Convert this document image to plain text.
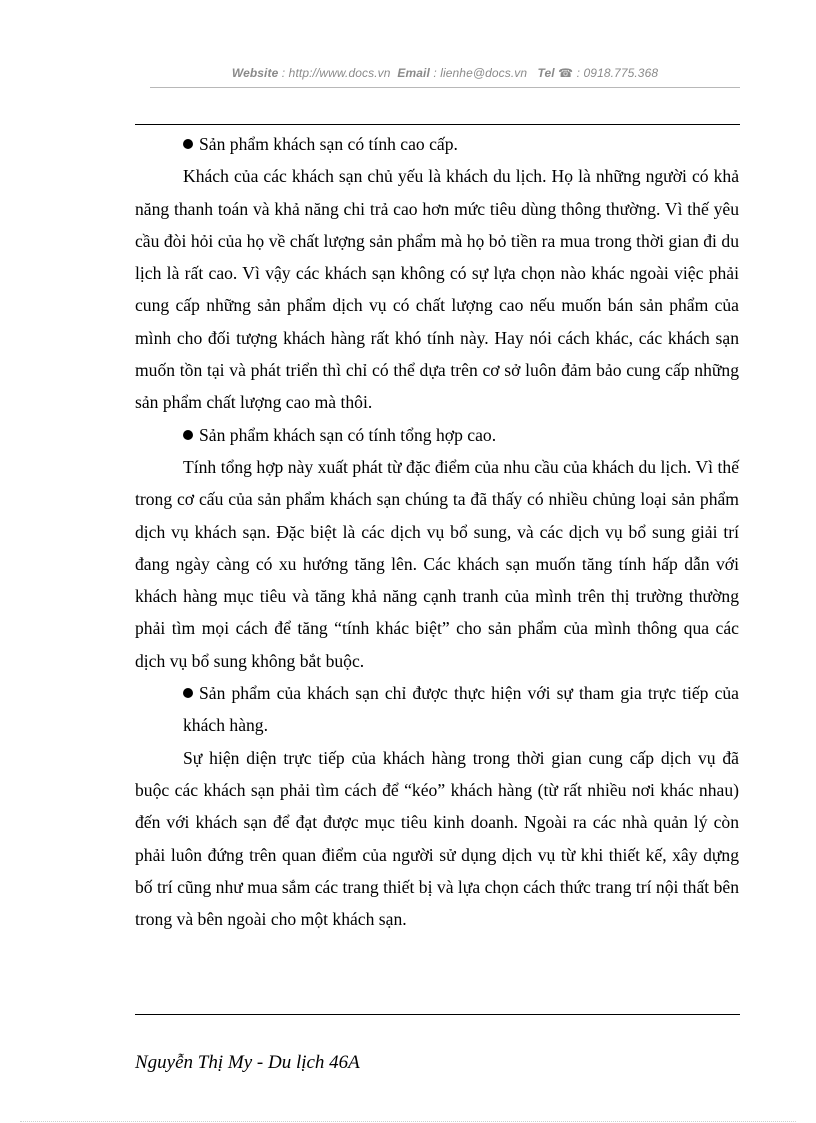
Website : http://www.docs.vn Email : lienhe@docs.vn Tel ☎ : 0918.775.368

Sản phẩm khách sạn có tính cao cấp.

Khách của các khách sạn chủ yếu là khách du lịch. Họ là những người có khả năng thanh toán và khả năng chi trả cao hơn mức tiêu dùng thông thường. Vì thế yêu cầu đòi hỏi của họ về chất lượng sản phẩm mà họ bỏ tiền ra mua trong thời gian đi du lịch là rất cao. Vì vậy các khách sạn không có sự lựa chọn nào khác ngoài việc phải cung cấp những sản phẩm dịch vụ có chất lượng cao nếu muốn bán sản phẩm của mình cho đối tượng khách hàng rất khó tính này. Hay nói cách khác, các khách sạn muốn tồn tại và phát triển thì chỉ có thể dựa trên cơ sở luôn đảm bảo cung cấp những sản phẩm chất lượng cao mà thôi.

Sản phẩm khách sạn có tính tổng hợp cao.

Tính tổng hợp này xuất phát từ đặc điểm của nhu cầu của khách du lịch. Vì thế trong cơ cấu của sản phẩm khách sạn chúng ta đã thấy có nhiều chủng loại sản phẩm dịch vụ khách sạn. Đặc biệt là các dịch vụ bổ sung, và các dịch vụ bổ sung giải trí đang ngày càng có xu hướng tăng lên. Các khách sạn muốn tăng tính hấp dẫn với khách hàng mục tiêu và tăng khả năng cạnh tranh của mình trên thị trường thường phải tìm mọi cách để tăng “tính khác biệt” cho sản phẩm của mình thông qua các dịch vụ bổ sung không bắt buộc.

Sản phẩm của khách sạn chỉ được thực hiện với sự tham gia trực tiếp của khách hàng.

Sự hiện diện trực tiếp của khách hàng trong thời gian cung cấp dịch vụ đã buộc các khách sạn phải tìm cách để “kéo” khách hàng (từ rất nhiều nơi khác nhau) đến với khách sạn để đạt được mục tiêu kinh doanh. Ngoài ra các nhà quản lý còn phải luôn đứng trên quan điểm của người sử dụng dịch vụ từ khi thiết kế, xây dựng bố trí cũng như mua sắm các trang thiết bị và lựa chọn cách thức trang trí nội thất bên trong và bên ngoài cho một khách sạn.

Nguyễn Thị My - Du lịch 46A
